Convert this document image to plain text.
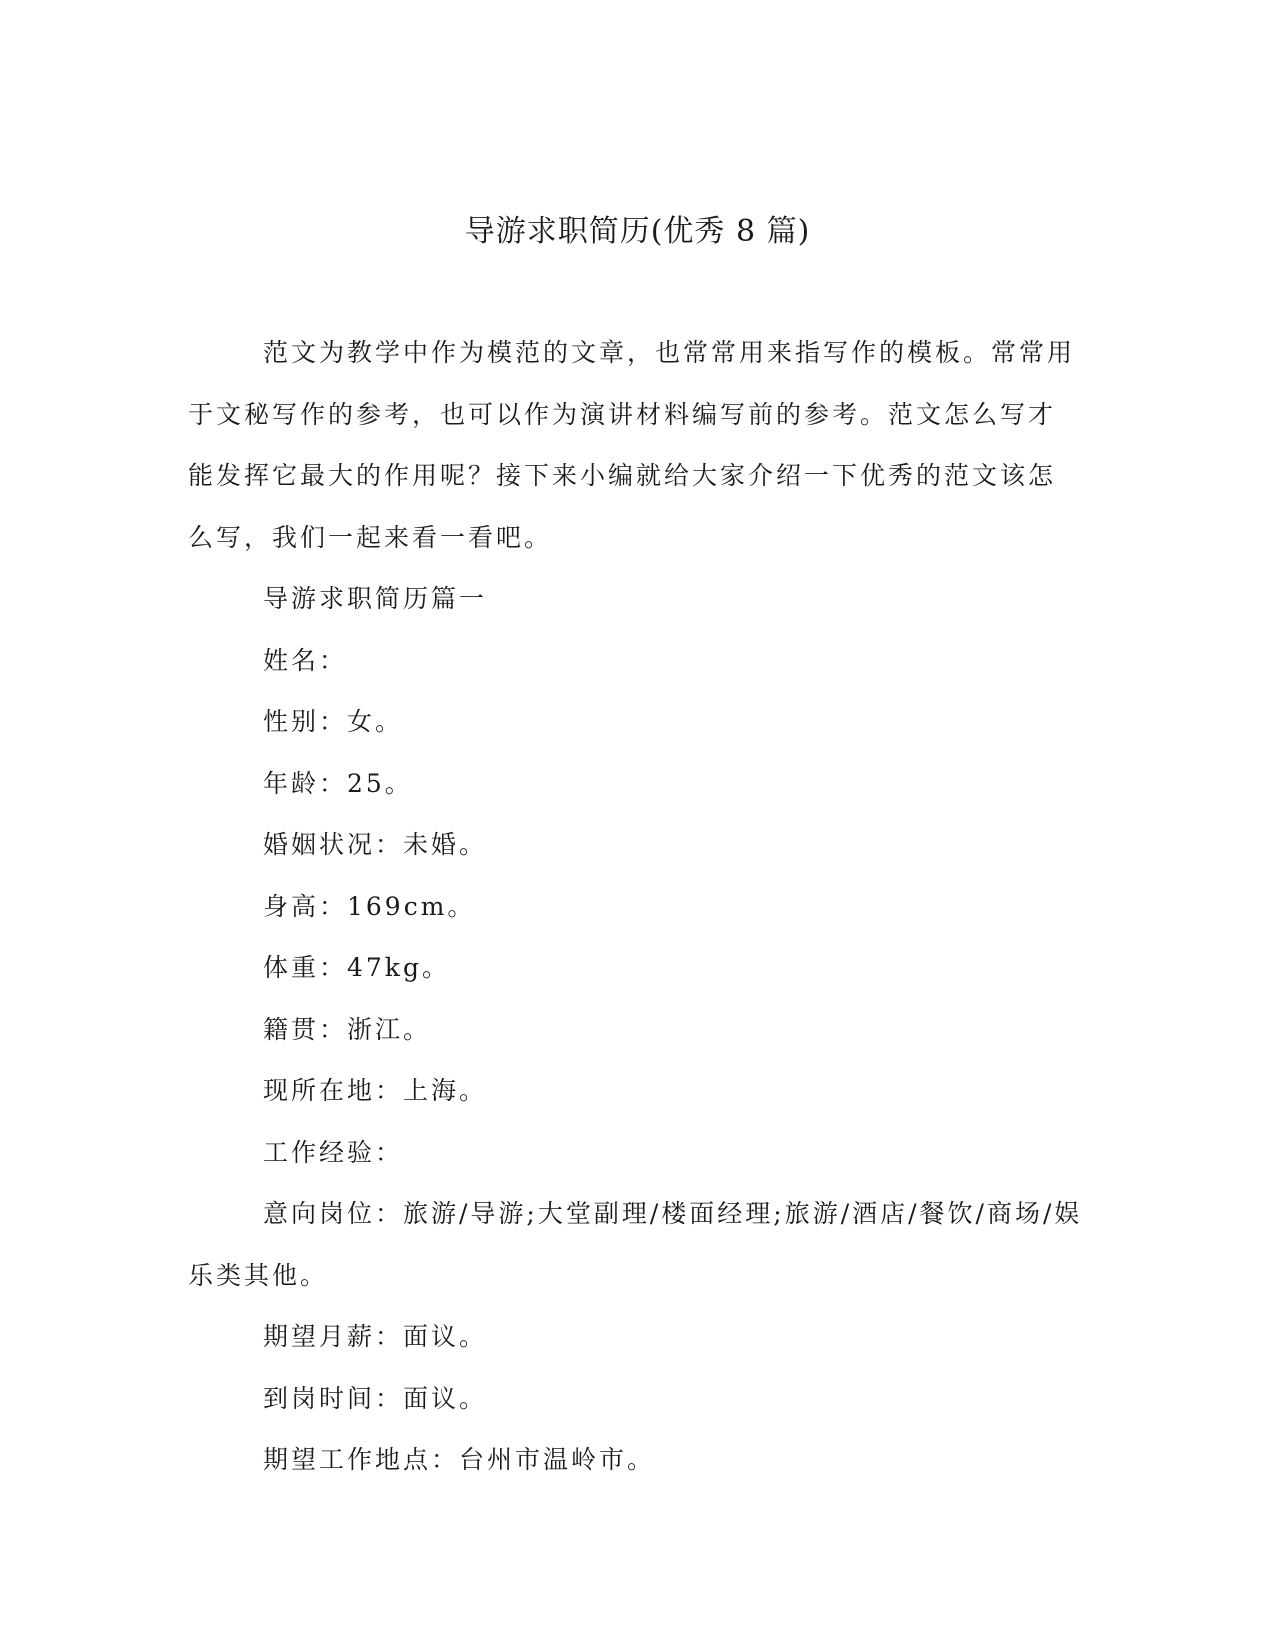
导游求职简历(优秀 8 篇)

范文为教学中作为模范的文章，也常常用来指写作的模板。常常用于文秘写作的参考，也可以作为演讲材料编写前的参考。范文怎么写才能发挥它最大的作用呢？接下来小编就给大家介绍一下优秀的范文该怎么写，我们一起来看一看吧。

导游求职简历篇一

姓名：

性别：女。

年龄：25。

婚姻状况：未婚。

身高：169cm。

体重：47kg。

籍贯：浙江。

现所在地：上海。

工作经验：

意向岗位：旅游/导游;大堂副理/楼面经理;旅游/酒店/餐饮/商场/娱乐类其他。

期望月薪：面议。

到岗时间：面议。

期望工作地点：台州市温岭市。
